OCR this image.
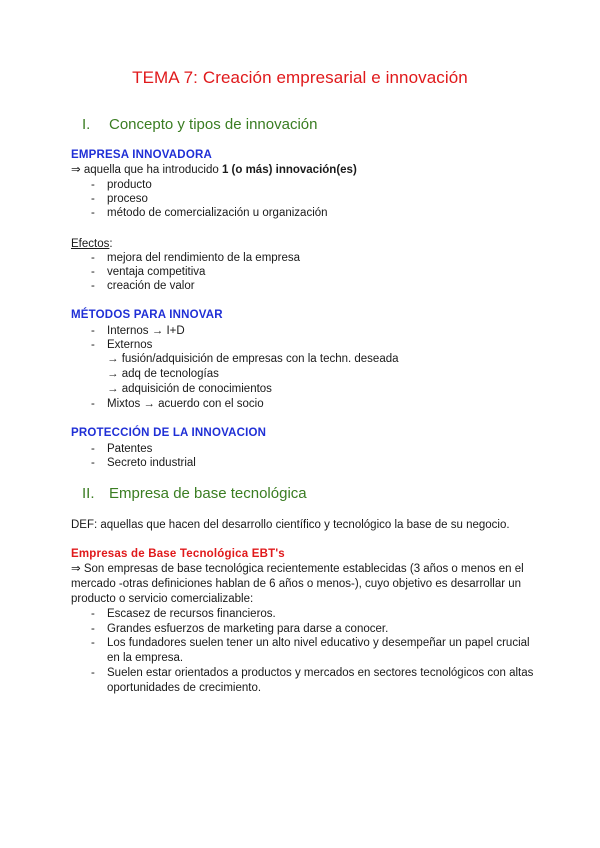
TEMA 7: Creación empresarial e innovación
I.	Concepto y tipos de innovación
EMPRESA INNOVADORA
⇒ aquella que ha introducido 1 (o más) innovación(es)
- producto
- proceso
- método de comercialización u organización
Efectos:
- mejora del rendimiento de la empresa
- ventaja competitiva
- creación de valor
MÉTODOS PARA INNOVAR
- Internos → I+D
- Externos
→ fusión/adquisición de empresas con la techn. deseada
→ adq de tecnologías
→ adquisición de conocimientos
- Mixtos → acuerdo con el socio
PROTECCIÓN DE LA INNOVACION
- Patentes
- Secreto industrial
II. Empresa de base tecnológica
DEF: aquellas que hacen del desarrollo científico y tecnológico la base de su negocio.
Empresas de Base Tecnológica EBT's
⇒ Son empresas de base tecnológica recientemente establecidas (3 años o menos en el
mercado -otras definiciones hablan de 6 años o menos-), cuyo objetivo es desarrollar un
producto o servicio comercializable:
- Escasez de recursos financieros.
- Grandes esfuerzos de marketing para darse a conocer.
- Los fundadores suelen tener un alto nivel educativo y desempeñar un papel crucial
en la empresa.
- Suelen estar orientados a productos y mercados en sectores tecnológicos con altas
oportunidades de crecimiento.
